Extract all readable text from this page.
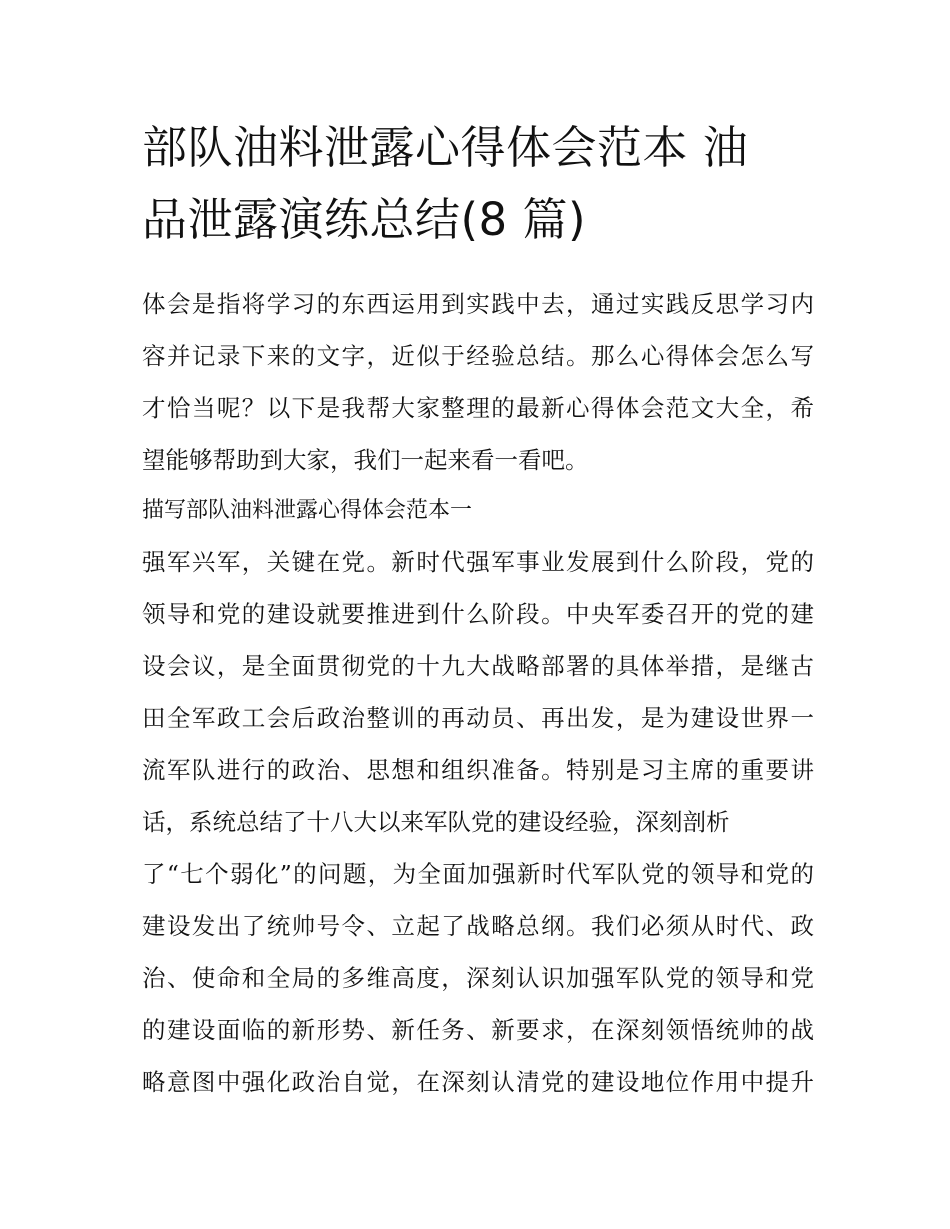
部队油料泄露心得体会范本 油
品泄露演练总结(8 篇)
体会是指将学习的东西运用到实践中去，通过实践反思学习内
容并记录下来的文字，近似于经验总结。那么心得体会怎么写
才恰当呢？以下是我帮大家整理的最新心得体会范文大全，希
望能够帮助到大家，我们一起来看一看吧。
描写部队油料泄露心得体会范本一
强军兴军，关键在党。新时代强军事业发展到什么阶段，党的
领导和党的建设就要推进到什么阶段。中央军委召开的党的建
设会议，是全面贯彻党的十九大战略部署的具体举措，是继古
田全军政工会后政治整训的再动员、再出发，是为建设世界一
流军队进行的政治、思想和组织准备。特别是习主席的重要讲
话，系统总结了十八大以来军队党的建设经验，深刻剖析
了“七个弱化”的问题，为全面加强新时代军队党的领导和党的
建设发出了统帅号令、立起了战略总纲。我们必须从时代、政
治、使命和全局的多维高度，深刻认识加强军队党的领导和党
的建设面临的新形势、新任务、新要求，在深刻领悟统帅的战
略意图中强化政治自觉，在深刻认清党的建设地位作用中提升
